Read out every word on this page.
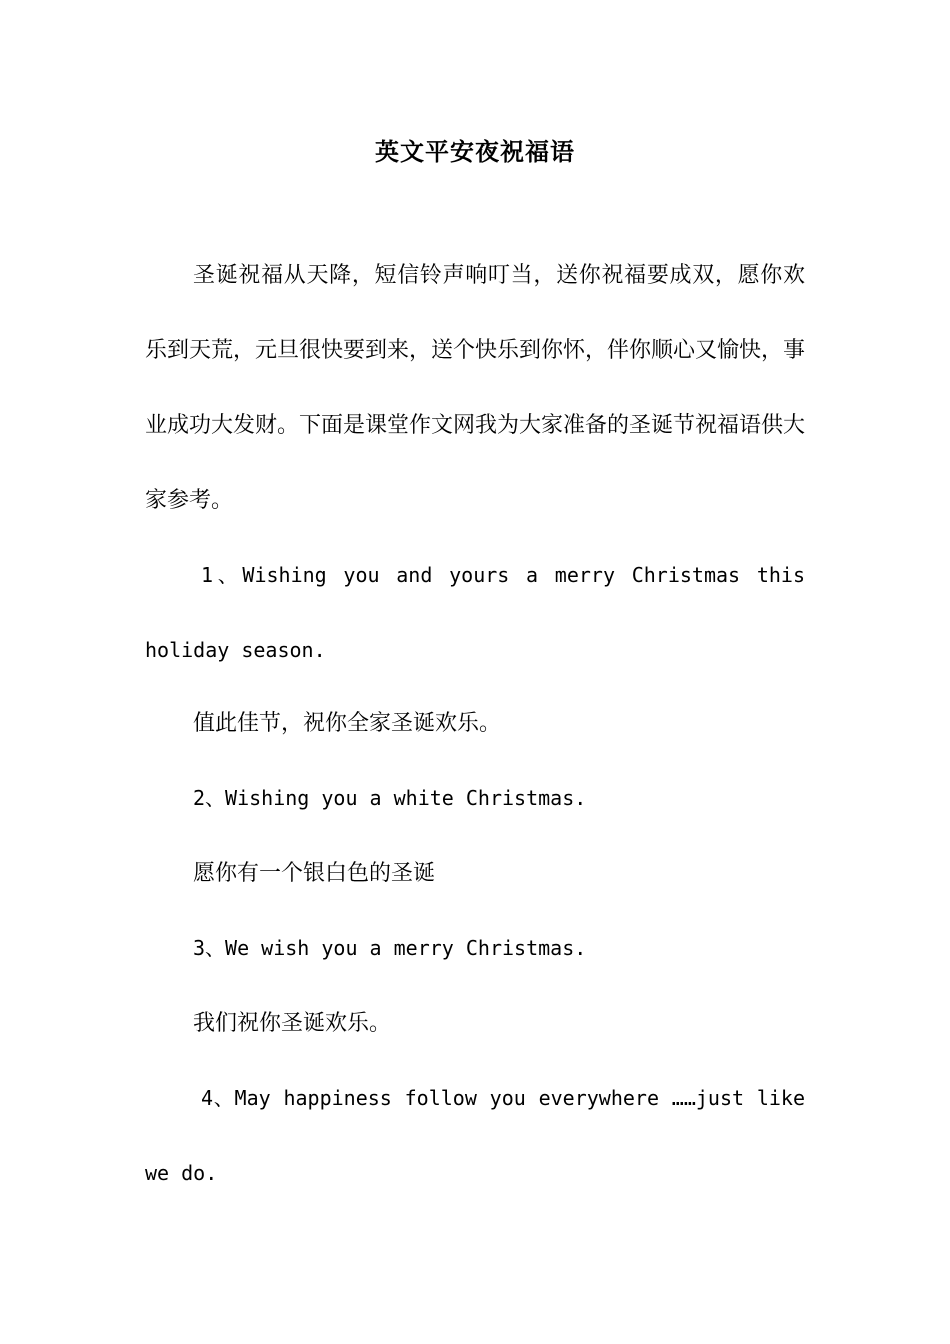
英文平安夜祝福语

圣诞祝福从天降，短信铃声响叮当，送你祝福要成双，愿你欢乐到天荒，元旦很快要到来，送个快乐到你怀，伴你顺心又愉快，事业成功大发财。下面是课堂作文网我为大家准备的圣诞节祝福语供大家参考。

1、Wishing you and yours a merry Christmas this holiday season.

值此佳节，祝你全家圣诞欢乐。

2、Wishing you a white Christmas.

愿你有一个银白色的圣诞

3、We wish you a merry Christmas.

我们祝你圣诞欢乐。

4、May happiness follow you everywhere ……just like we do.
